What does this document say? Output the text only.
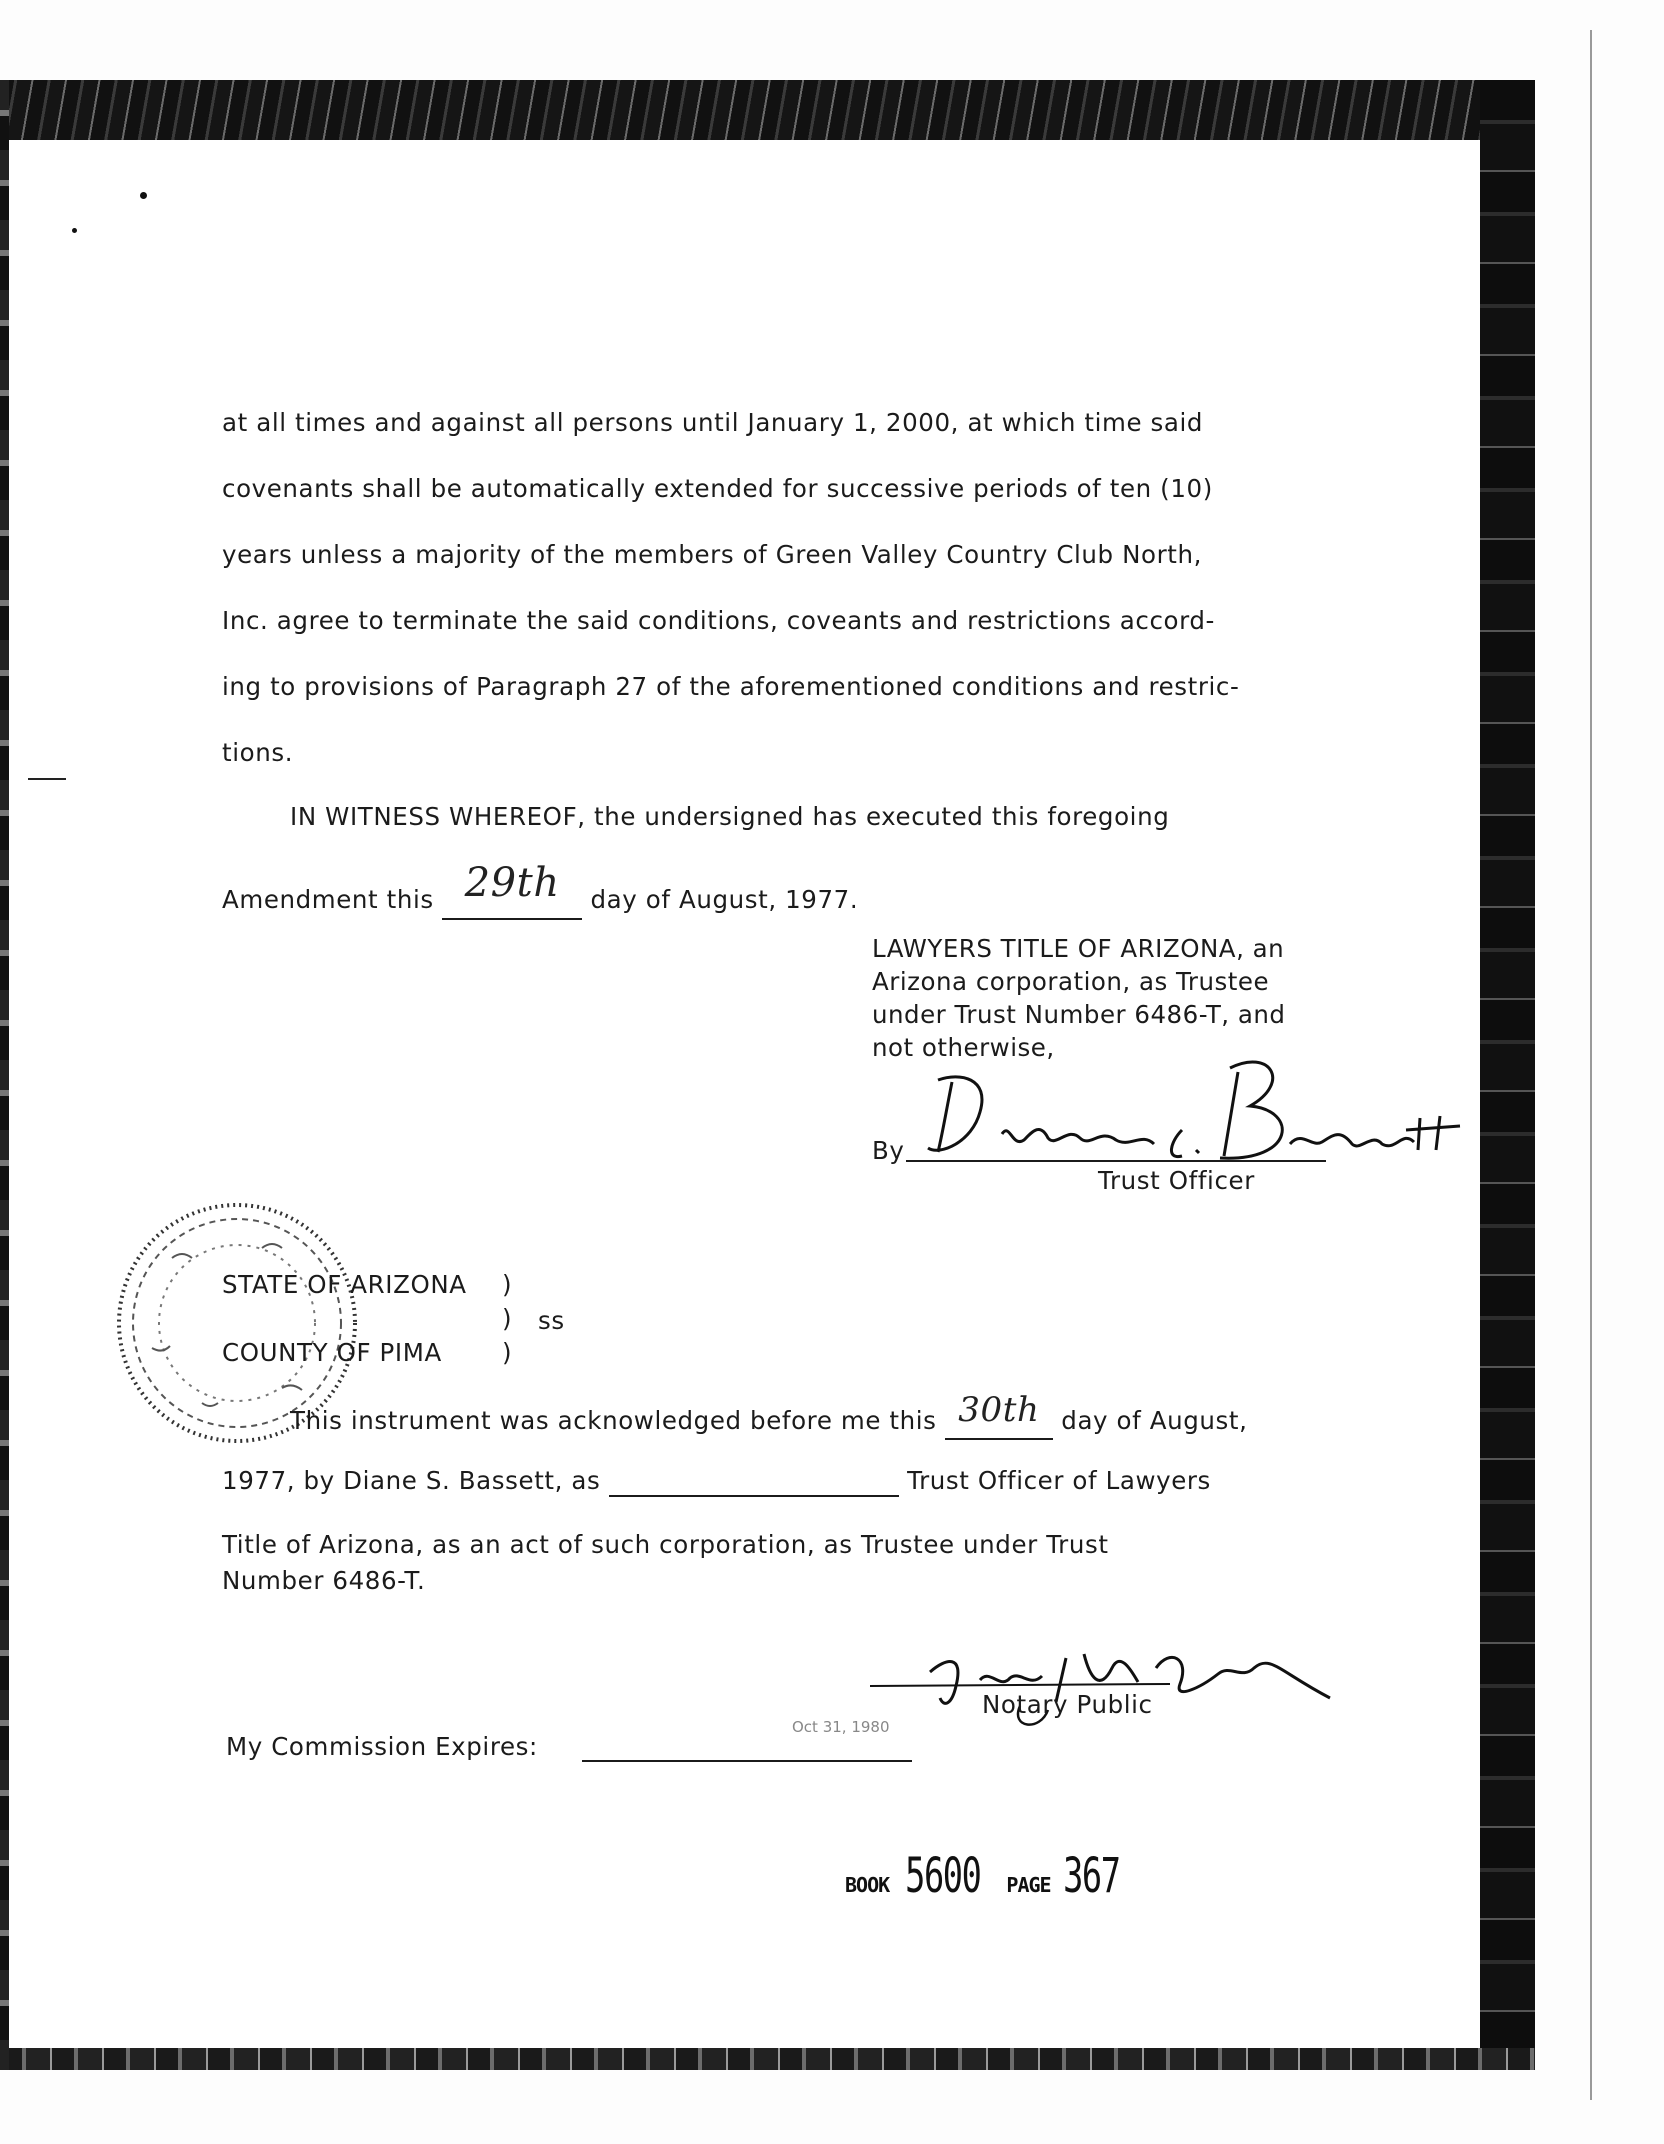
at all times and against all persons until January 1, 2000, at which time said
covenants shall be automatically extended for successive periods of ten (10)
years unless a majority of the members of Green Valley Country Club North,
Inc. agree to terminate the said conditions, coveants and restrictions accord-
ing to provisions of Paragraph 27 of the aforementioned conditions and restric-
tions.
IN WITNESS WHEREOF, the undersigned has executed this foregoing
Amendment this 29th day of August, 1977.
LAWYERS TITLE OF ARIZONA, an
Arizona corporation, as Trustee
under Trust Number 6486-T, and
not otherwise,
By
Trust Officer
STATE OF ARIZONA )
) ss
COUNTY OF PIMA )
This instrument was acknowledged before me this 30th day of August,
1977, by Diane S. Bassett, as	Trust Officer of Lawyers
Title of Arizona, as an act of such corporation, as Trustee under Trust
Number 6486-T.
Notary Public
My Commission Expires:
Oct 31, 1980
BOOK 5600 PAGE 367
